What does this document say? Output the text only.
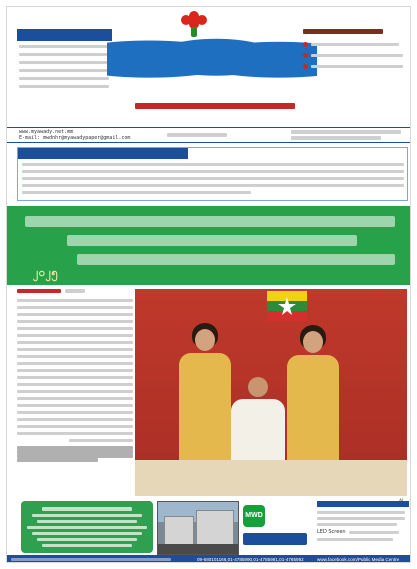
www.myawady.net.mm
E-mail: mwdnhr@myawadypaper@gmail.com
၂၀၂၅
MWD
LED Screen
AI
09-680101166,01-4785990,01-4785991,01-4785992	www.facebook.com/Public Media Centre
